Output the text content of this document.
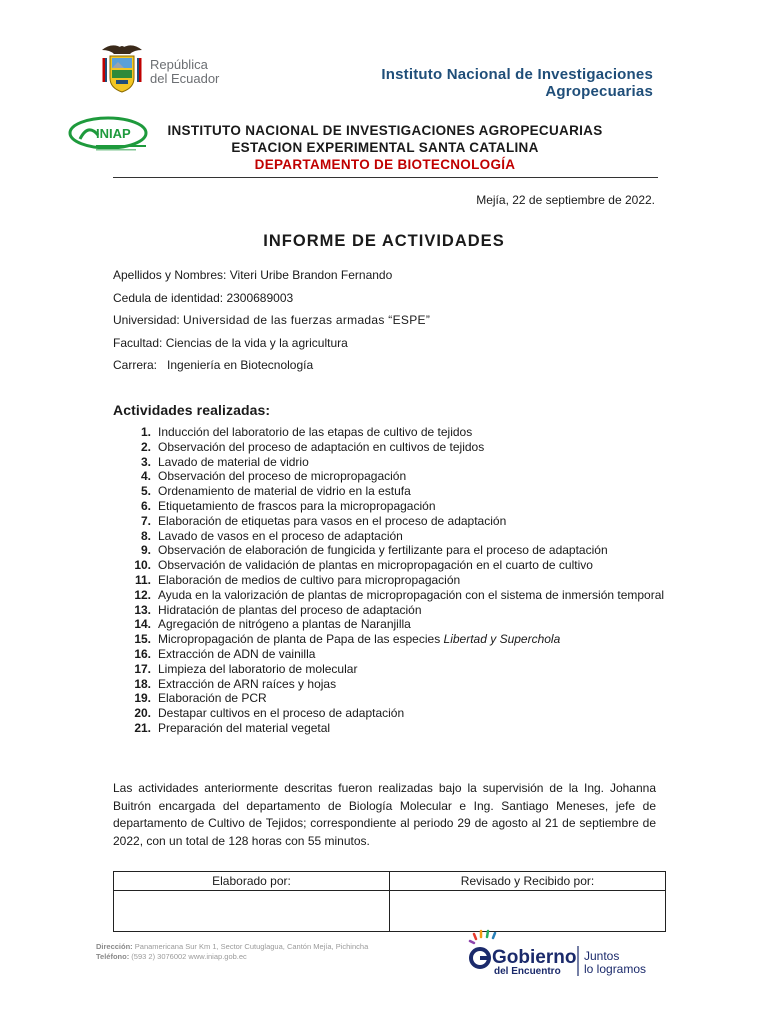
República
del Ecuador	Instituto Nacional de Investigaciones
Agropecuarias
INIAP	INSTITUTO NACIONAL DE INVESTIGACIONES AGROPECUARIAS
ESTACION EXPERIMENTAL SANTA CATALINA
DEPARTAMENTO DE BIOTECNOLOGÍA
Mejía, 22 de septiembre de 2022.
INFORME DE ACTIVIDADES
Apellidos y Nombres: Viteri Uribe Brandon Fernando
Cedula de identidad: 2300689003
Universidad: Universidad de las fuerzas armadas “ESPE”
Facultad: Ciencias de la vida y la agricultura
Carrera: Ingeniería en Biotecnología
Actividades realizadas:
1. Inducción del laboratorio de las etapas de cultivo de tejidos
2. Observación del proceso de adaptación en cultivos de tejidos
3. Lavado de material de vidrio
4. Observación del proceso de micropropagación
5. Ordenamiento de material de vidrio en la estufa
6. Etiquetamiento de frascos para la micropropagación
7. Elaboración de etiquetas para vasos en el proceso de adaptación
8. Lavado de vasos en el proceso de adaptación
9. Observación de elaboración de fungicida y fertilizante para el proceso de adaptación
10. Observación de validación de plantas en micropropagación en el cuarto de cultivo
11. Elaboración de medios de cultivo para micropropagación
12. Ayuda en la valorización de plantas de micropropagación con el sistema de inmersión temporal
13. Hidratación de plantas del proceso de adaptación
14. Agregación de nitrógeno a plantas de Naranjilla
15. Micropropagación de planta de Papa de las especies Libertad y Superchola
16. Extracción de ADN de vainilla
17. Limpieza del laboratorio de molecular
18. Extracción de ARN raíces y hojas
19. Elaboración de PCR
20. Destapar cultivos en el proceso de adaptación
21. Preparación del material vegetal
Las actividades anteriormente descritas fueron realizadas bajo la supervisión de la Ing. Johanna Buitrón encargada del departamento de Biología Molecular e Ing. Santiago Meneses, jefe de departamento de Cultivo de Tejidos; correspondiente al periodo 29 de agosto al 21 de septiembre de 2022, con un total de 128 horas con 55 minutos.
Elaborado por:	Revisado y Recibido por:

Dirección: Panamericana Sur Km 1, Sector Cutuglagua, Cantón Mejía, Pichincha
Teléfono: (593 2) 3076002 www.iniap.gob.ec	Gobierno
del Encuentro
Juntos
lo logramos
